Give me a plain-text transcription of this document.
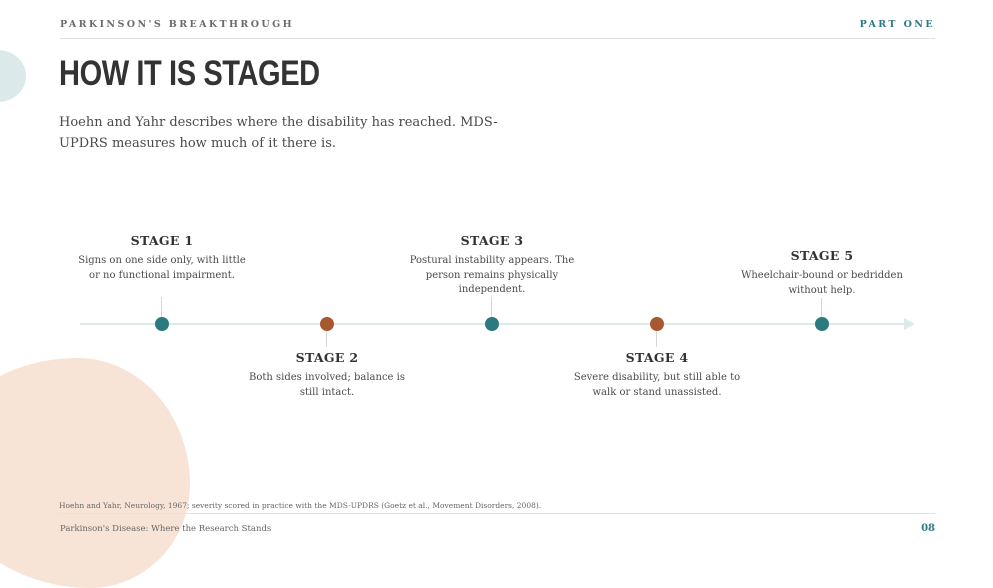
PARKINSON'S BREAKTHROUGH	PART ONE
HOW IT IS STAGED
Hoehn and Yahr describes where the disability has reached. MDS-UPDRS measures how much of it there is.
STAGE 1
Signs on one side only, with little or no functional impairment.
STAGE 2
Both sides involved; balance is still intact.
STAGE 3
Postural instability appears. The person remains physically independent.
STAGE 4
Severe disability, but still able to walk or stand unassisted.
STAGE 5
Wheelchair-bound or bedridden without help.
Hoehn and Yahr, Neurology, 1967; severity scored in practice with the MDS-UPDRS (Goetz et al., Movement Disorders, 2008).
Parkinson's Disease: Where the Research Stands	08
